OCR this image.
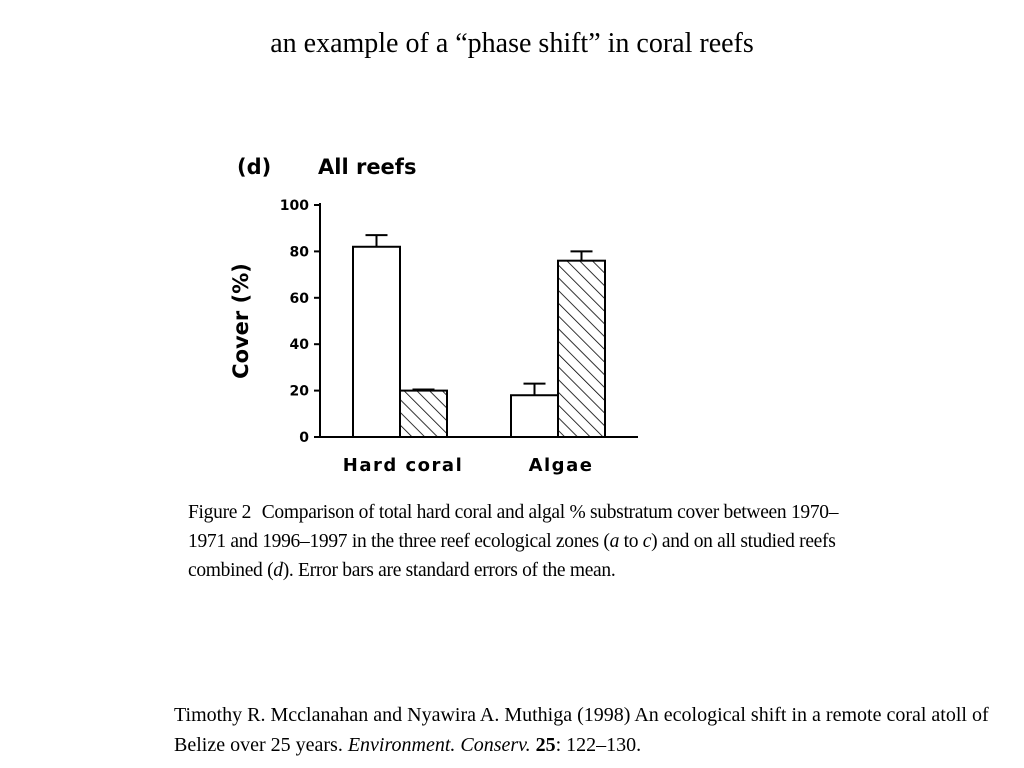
an example of a “phase shift” in coral reefs
(d) All reefs
Cover (%)
0
20
40
60
80
100
Hard coral	Algae
Figure 2 Comparison of total hard coral and algal % substratum cover between 1970–1971 and 1996–1997 in the three reef ecological zones (a to c) and on all studied reefs combined (d). Error bars are standard errors of the mean.
Timothy R. Mcclanahan and Nyawira A. Muthiga (1998) An ecological shift in a remote coral atoll of Belize over 25 years. Environment. Conserv. 25: 122–130.
